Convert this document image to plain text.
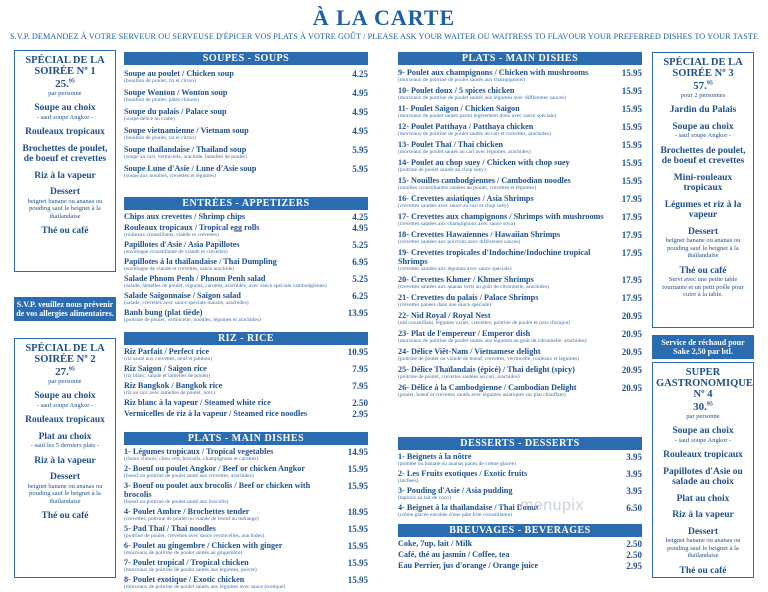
À LA CARTE
S.V.P. DEMANDEZ À VOTRE SERVEUR OU SERVEUSE D'ÉPICER VOS PLATS À VOTRE GOÛT / PLEASE ASK YOUR WAITER OU WAITRESS TO FLAVOUR YOUR PREFERRED DISHES TO YOUR TASTE
SPÉCIAL DE LA SOIRÉE Nº 1
25.95
par personne
Soupe au choix
- sauf soupe Angkor -
Rouleaux tropicaux
Brochettes de poulet, de boeuf et crevettes
Riz à la vapeur
Dessert
beignet banane ou ananas ou pouding sauf le beignet à la thaïlandaise
Thé ou café
S.V.P. veuillez nous prévenir de vos allergies alimentaires.
SPÉCIAL DE LA SOIRÉE Nº 2
27.95
par personne
Soupe au choix
- sauf soupe Angkor -
Rouleaux tropicaux
Plat au choix
- sauf les 5 derniers plats -
Riz à la vapeur
Dessert
beignet banane ou ananas ou pouding sauf le beignet à la thaïlandaise
Thé ou café
SPÉCIAL DE LA SOIRÉE Nº 3
57.95
pour 2 personnes
Jardin du Palais
Soupe au choix
- sauf soupe Angkor -
Brochettes de poulet, de boeuf et crevettes
Mini-rouleaux tropicaux
Légumes et riz à la vapeur
Dessert
beignet banane ou ananas ou pouding sauf le beignet à la thaïlandaise
Thé ou café
Servi avec une petite table tournante et un petit poêle pour cuire à la table.
Service de réchaud pour Sake 2,50 par btl.
SUPER GASTRONOMIQUE Nº 4
30.95
par personne
Soupe au choix
- sauf soupe Angkor -
Rouleaux tropicaux
Papillotes d'Asie ou salade au choix
Plat au choix
Riz à la vapeur
Dessert
beignet banane ou ananas ou pouding sauf le beignet à la thaïlandaise
Thé ou café
SOUPES - SOUPS
Soupe au poulet / Chicken soup
(bouillon de poulet, riz et citron)
4.25
Soupe Wonton / Wonton soup
(bouillon de poulet, pâtés chinois)
4.95
Soupe du palais / Palace soup
(soupe délice au crabe)
4.95
Soupe vietnamienne / Vietnam soup
(bouillon de poulet, riz et citron)
4.95
Soupe thaïlandaise / Thailand soup
(soupe au cari, vermicelle, arachide, lamelles de poulet)
5.95
Soupe Lune d'Asie / Lune d'Asie soup
(soupe aux nouilles, crevettes et légumes)
5.95
ENTRÉES - APPETIZERS
Chips aux crevettes / Shrimp chips	4.25
Rouleaux tropicaux / Tropical egg rolls
(rouleaux croustillants, viande et crevettes)
4.95
Papillotes d'Asie / Asia Papillotes
(enveloppe croustillante de viande et crevettes)
5.25
Papillotes à la thaïlandaise / Thai Dumpling
(enveloppe de viande et crevettes, sauce arachide)
6.95
Salade Phnom Penh / Phnom Penh salad
(salade, lamelles de poulet, oignons, carottes, arachides, avec sauce spéciale cambodgienne)
5.25
Salade Saigonnaise / Saigon salad
(salade, crevettes avec sauce spéciale maison, arachides)
6.25
Banh bung (plat tiède)
(poitrine de poulet, vermicelle, noodles, légumes et arachides)
13.95
RIZ - RICE
Riz Parfait / Perfect rice
(riz sauté aux crevettes, oeuf et jambon)
10.95
Riz Saigon / Saigon rice
(riz blanc, salade et lamelles de poulet)
7.95
Riz Bangkok / Bangkok rice
(riz au cari avec lamelles de poulet, noix)
7.95
Riz blanc à la vapeur / Steamed white rice	2.50
Vermicelles de riz à la vapeur / Steamed rice noodles	2.95
PLATS - MAIN DISHES
1- Légumes tropicaux / Tropical vegetables
(choux chinois, chou vert, brocolis, champignons et carottes)
14.95
2- Boeuf ou poulet Angkor / Beef or chicken Angkor
(boeuf ou poitrine de poulet sauté aux crevettes, arachides)
15.95
3- Boeuf ou poulet aux brocolis / Beef or chicken with brocolis
(boeuf ou poitrine de poulet sauté aux brocolis)
15.95
4- Poulet Ambre / Brochettes tender
(crevettes, poitrine de poulet ou viande de boeuf au mélange)
18.95
5- Pad Thaï / Thai noodles
(poitrine de poulet, crevettes avec sauce vermicelles, arachides)
15.95
6- Poulet au gingembre / Chicken with ginger
(morceaux de poitrine de poulet sautés au gingembre)
15.95
7- Poulet tropical / Tropical chicken
(morceaux de poitrine de poulet sautés aux légumes, poivre)
15.95
8- Poulet exotique / Exotic chicken
(morceaux de poitrine de poulet sautés aux légumes avec sauce exotique)
15.95
PLATS - MAIN DISHES
9- Poulet aux champignons / Chicken with mushrooms
(morceaux de poitrine de poulet sautés aux champignons)
15.95
10- Poulet doux / 5 spices chicken
(morceaux de poitrine de poulet sautés aux légumes avec différentes sauces)
15.95
11- Poulet Saigon / Chicken Saigon
(morceaux de poulet sautés parmi légèrement doux avec sauce spéciale)
15.95
12- Poulet Patthaya / Patthaya chicken
(morceaux de poitrine de poulet sautés au cari et crevettes, arachides)
15.95
13- Poulet Thaï / Thai chicken
(morceaux de poulet sautés au cari avec légumes, arachides)
15.95
14- Poulet au chop suey / Chicken with chop suey
(poitrine de poulet sautée au chop suey)
15.95
15- Nouilles cambodgiennes / Cambodian noodles
(nouilles croustillantes sautées au poulet, crevettes et légumes)
15.95
16- Crevettes asiatiques / Asia Shrimps
(crevettes sautées avec sauce au cari et chop suey)
17.95
17- Crevettes aux champignons / Shrimps with mushrooms
(crevettes sautées aux champignons avec sauce soya)
17.95
18- Crevettes Hawaïennes / Hawaiian Shrimps
(crevettes sautées aux poivrons avec différentes sauces)
17.95
19- Crevettes tropicales d'Indochine/Indochine tropical Shrimps
(crevettes sautées aux légumes avec sauce spéciale)
17.95
20- Crevettes Khmer / Khmer Shrimps
(crevettes sautées aux ananas verts au goût de citronnelle, arachides)
17.95
21- Crevettes du palais / Palace Shrimps
(crevettes panées dans une sauce spéciale)
17.95
22- Nid Royal / Royal Nest
(nid croustillant, légumes variés, crevettes, poitrine de poulet et noix d'acajou)
20.95
23- Plat de l'empereur / Emperor dish
(morceaux de poitrine de poulet sautés aux légumes au goût de citronnelle, arachides)
20.95
24- Délice Viêt-Nam / Vietnamese delight
(poitrine de poulet ou viande de boeuf, crevettes, vermicelle, rouleaux et légumes)
20.95
25- Délice Thaïlandais (épicé) / Thai delight (spicy)
(poitrine de poulet, crevettes sautées au cari, arachides)
20.95
26- Délice à la Cambodgienne / Cambodian Delight
(poulet, boeuf et crevettes sautés avec légumes asiatiques sur plat chauffant)
20.95
DESSERTS - DESSERTS
1- Beignets à la nôtre
(pomme ou banane ou ananas panés de crème glacée)
3.95
2- Les Fruits exotiques / Exotic fruits
(litchees)
3.95
3- Pouding d'Asie / Asia pudding
(tapioca au lait de coco)
3.95
4- Beignet à la thaïlandaise / Thai Donut
(crème glacée enrobée d'une pâte frite croustillante)
6.50
BREUVAGES - BEVERAGES
Coke, 7up, lait / Milk	2.50
Café, thé au jasmin / Coffee, tea	2.50
Eau Perrier, jus d'orange / Orange juice	2.95
menupix
